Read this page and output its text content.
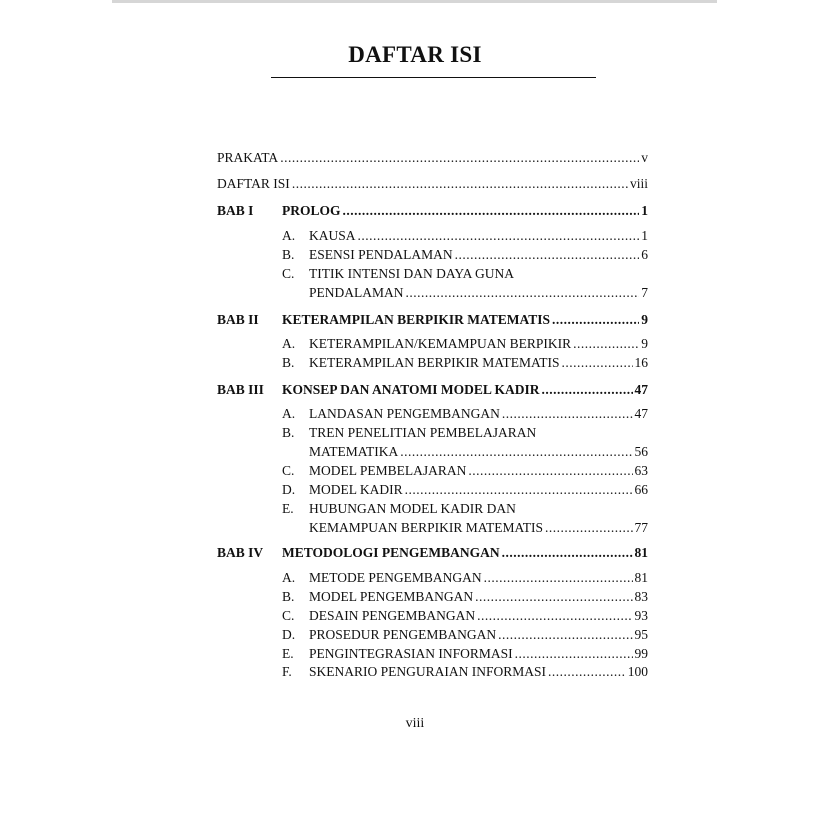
DAFTAR ISI
PRAKATA .....	v
DAFTAR ISI .....	viii
BAB I	PROLOG .....	1
A.	KAUSA .....	1
B.	ESENSI PENDALAMAN .....	6
C.	TITIK INTENSI DAN DAYA GUNA
PENDALAMAN .....	7
BAB II	KETERAMPILAN BERPIKIR MATEMATIS .....	9
A.	KETERAMPILAN/KEMAMPUAN BERPIKIR .....	9
B.	KETERAMPILAN BERPIKIR MATEMATIS .....	16
BAB III	KONSEP DAN ANATOMI MODEL KADIR .....	47
A.	LANDASAN PENGEMBANGAN .....	47
B.	TREN PENELITIAN PEMBELAJARAN
MATEMATIKA .....	56
C.	MODEL PEMBELAJARAN .....	63
D.	MODEL KADIR .....	66
E.	HUBUNGAN MODEL KADIR DAN
KEMAMPUAN BERPIKIR MATEMATIS .....	77
BAB IV	METODOLOGI PENGEMBANGAN .....	81
A.	METODE PENGEMBANGAN .....	81
B.	MODEL PENGEMBANGAN .....	83
C.	DESAIN PENGEMBANGAN .....	93
D.	PROSEDUR PENGEMBANGAN .....	95
E.	PENGINTEGRASIAN INFORMASI .....	99
F.	SKENARIO PENGURAIAN INFORMASI .....	100
viii
